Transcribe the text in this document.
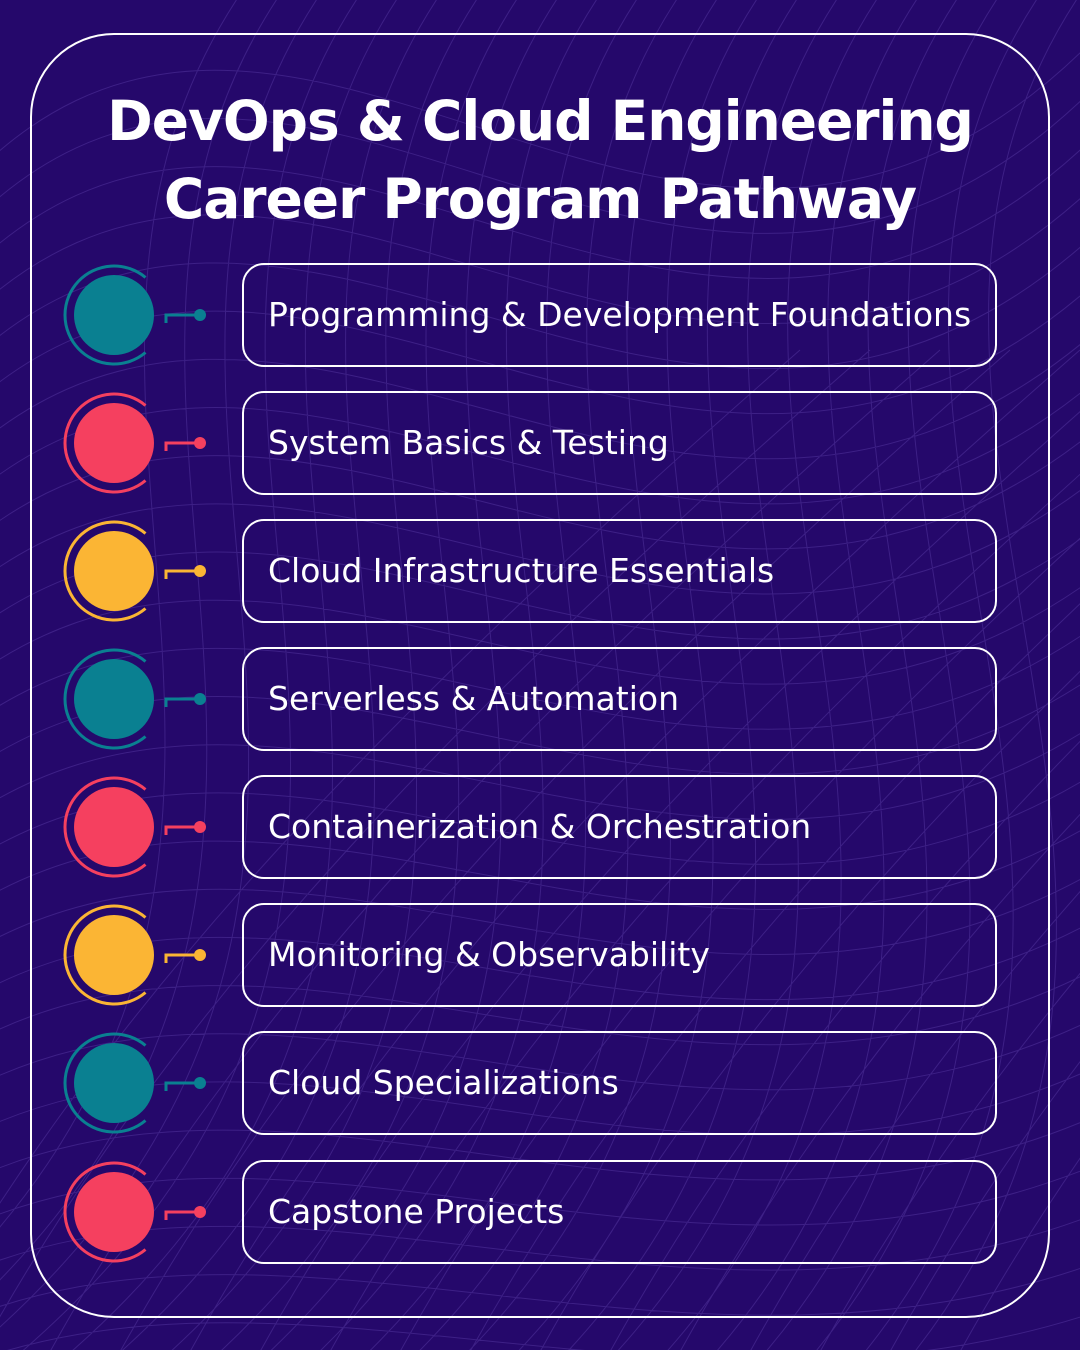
DevOps & Cloud Engineering
Career Program Pathway
Programming & Development Foundations
System Basics & Testing
Cloud Infrastructure Essentials
Serverless & Automation
Containerization & Orchestration
Monitoring & Observability
Cloud Specializations
Capstone Projects
